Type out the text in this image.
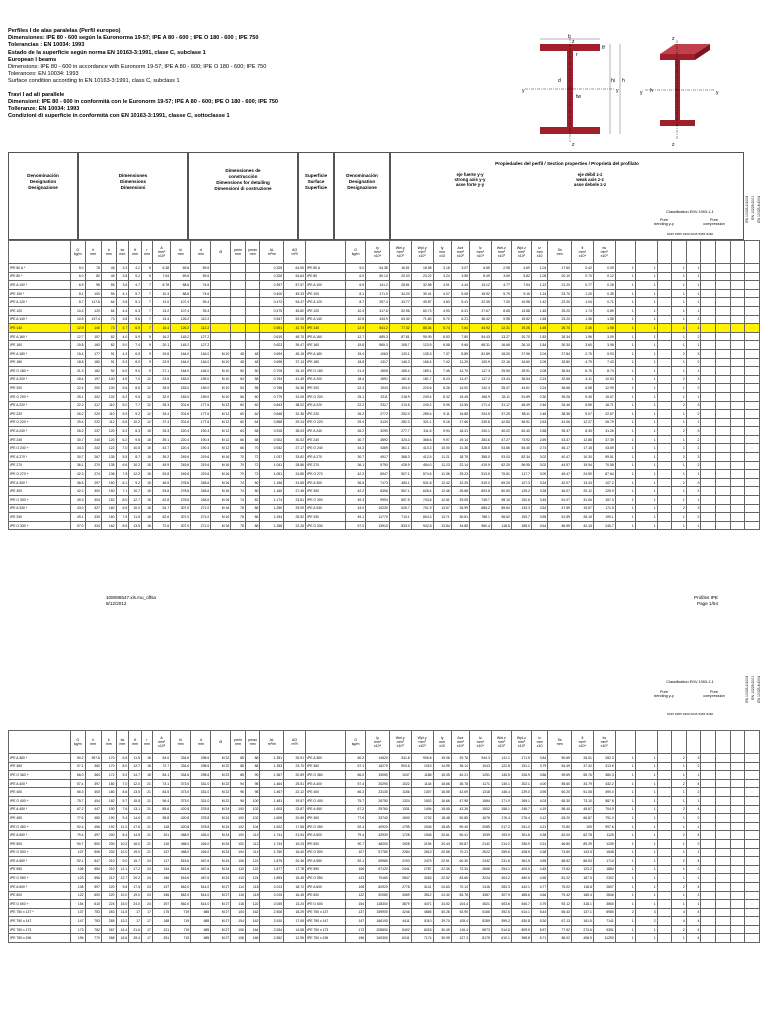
Perfiles I de alas paralelas (Perfil europeo)
Dimensiones: IPE 80 - 600 según la Euronorma 19-57; IPE A 80 - 600 ; IPE O 180 - 600 ; IPE 750
Tolerancias : EN 10034: 1993
Estado de la superficie según norma EN 10163-3:1991, clase C, subclase 1
European I beams
Dimensions: IPE 80 - 600 in accordance with Euronorm 19-57; IPE A 80 - 600; IPE O 180 - 600; IPE 750
Tolerances: EN 10034: 1993
Surface condition according to EN 10163-3:1991, class C, subclass 1
Travi I ad ali parallele
Dimensioni: IPE 80 - 600 in conformità con le Euronorm 19-57; IPE A 80 - 600; IPE O 180 - 600; IPE 750
Tolleranze: EN 10034: 1993
Condizioni di superficie in conformità con EN 10163-3:1991, classe C, sottoclasse 1
y	y
z
z
b
tf
r
d	hi h
tw
h
y	y
z
z
Denominación
Designation
Designazione
Dimensiones
Dimensions
Dimensioni
Dimensiones de
construcción
Dimensions for detailing
Dimensioni di costruzione
Superficie
Surface
Superficie
Denominación
Designation
Designazione
Propiedades del perfil / Section properties / Proprietà del profilato
eje fuerte y-y
strong axis y-y
asse forte y-y
eje débil z-z
weak axis z-z
asse debole z-z
Classification ENV 1993-1-1
Pure
bending y-y
Pure
compression
S235 S355 S460 S235 S355 S460
EN 10025-2:2004 EN 10225:2001 EN 10025-4:2004
	G
kg/m	h
mm	b
mm	tw
mm	tf
mm	r
mm	A
mm²
x10²	hi
mm	d
mm	Ø	pmin
mm	pmax
mm	AL
m²/m	AG
m²/t		G
kg/m	Iy
mm⁴
x10⁴	Wel.y
mm³
x10³	Wpl.y
mm³
x10³	iy
mm
x10	Avz
mm²
x10²	Iz
mm⁴
x10⁴	Wel.z
mm³
x10³	Wpl.z
mm³
x10³	iz
mm
x10	Ss
mm	It
mm⁴
x10⁴	Iw
mm⁶
x10⁹									
IPE 80 A *	5.0	78	46	3.3	4.2	5	6.38	69.6	59.6				0.325	64.90	IPE 80 A	5.0	64.38	16.51	18.98	3.18	3.07	6.85	2.98	4.69	1.04	17.60	0.42	0.09	1	1		1	1				
IPE 80 *	6.0	80	46	3.8	5.2	5	7.64	69.6	59.6				0.328	54.64	IPE 80	6.0	80.14	20.03	23.22	3.24	3.58	8.49	3.69	5.82	1.05	20.10	0.70	0.12	1	1		1	1				
IPE A 100 *	6.9	98	55	3.6	4.7	7	8.78	88.6	74.6				0.397	57.57	IPE A 100	6.9	141.2	28.81	32.98	4.01	4.44	13.12	4.77	7.54	1.22	21.20	0.77	0.28	1	1		1	1				
IPE 100 *	8.1	100	55	4.1	5.7	7	10.3	88.6	74.6				0.400	49.33	IPE 100	8.1	171.0	34.20	39.41	4.07	5.08	15.92	5.79	9.15	1.24	23.70	1.20	0.35	1	1		1	1				
IPE A 120 *	8.7	117.6	64	3.8	5.1	7	11.0	107.4	93.4				0.472	54.47	IPE A 120	8.7	257.4	43.77	49.87	4.83	5.41	22.39	7.00	10.98	1.42	22.20	1.04	0.71	1	1		1	1				
IPE 120	10.4	120	64	4.4	6.3	7	13.2	107.4	93.4				0.475	45.82	IPE 120	10.4	317.8	52.96	60.73	4.90	6.31	27.67	8.65	13.58	1.45	25.20	1.74	0.89	1	1		1	1				
IPE A 140 *	10.5	137.4	73	3.8	5.6	7	13.4	126.2	112.2				0.547	52.05	IPE A 140	10.5	434.9	63.30	71.60	5.70	6.21	36.42	9.98	15.52	1.65	23.20	1.36	1.58	1	1		1	2				
IPE 140	12.9	140	73	4.7	6.9	7	16.4	126.2	112.2				0.551	42.70	IPE 140	12.9	541.2	77.32	88.34	5.74	7.64	44.92	12.31	19.25	1.65	26.70	2.45	1.98	1	1		1	1				
IPE A 160 *	12.7	157	82	4.0	5.9	9	16.2	145.2	127.2				0.619	48.70	IPE A 160	12.7	689.3	87.81	99.09	6.53	7.80	54.43	13.27	20.70	1.83	26.34	1.96	3.09	1	1		1	2				
IPE 160	15.8	160	82	5.0	7.4	9	20.1	145.2	127.2				0.623	39.47	IPE 160	15.8	869.3	108.7	123.9	6.58	9.66	68.31	16.66	26.10	1.84	30.30	3.60	3.96	1	1		1	1				
IPE A 180 *	15.4	177	91	4.3	6.5	9	19.6	164.0	146.0	M 10	48	48	0.694	45.15	IPE A 180	15.4	1063	120.1	135.3	7.37	8.89	81.89	18.00	27.96	2.04	27.84	2.70	5.93	1	1		2	3				
IPE 180	18.8	180	91	5.3	8.0	9	23.9	164.0	146.0	M 10	48	48	0.698	37.13	IPE 180	18.8	1317	146.3	166.4	7.42	11.25	100.9	22.16	34.60	2.05	33.80	4.79	7.43	1	1		1	2				
IPE O 180 +	21.3	182	92	6.0	9.0	9	27.1	164.0	146.0	M 10	50	50	0.705	33.10	IPE O 180	21.3	1505	165.4	189.1	7.45	12.70	117.3	25.50	39.91	2.08	36.54	6.76	8.74	1	1		1	1				
IPE A 200 *	18.4	197	100	4.5	7.0	12	23.5	183.0	159.0	M 10	54	58	0.764	41.49	IPE A 200	18.4	1591	161.6	181.7	8.23	11.47	117.2	23.43	36.54	2.23	32.56	4.11	10.53	1	1		2	3				
IPE 200	22.4	200	100	5.6	8.5	12	28.5	183.0	159.0	M 10	54	58	0.768	34.36	IPE 200	22.4	1943	194.3	220.6	8.26	14.00	142.4	28.47	44.61	2.24	36.66	6.98	12.99	1	1		1	2				
IPE O 200 +	25.1	202	102	6.2	9.5	12	32.0	183.0	159.0	M 10	56	60	0.779	31.05	IPE O 200	25.1	2211	218.9	249.4	8.32	15.45	168.9	33.11	51.89	2.30	39.26	9.45	15.57	1	1		1	1				
IPE A 220 *	22.2	217	110	5.0	7.7	12	28.3	201.6	177.6	M 12	60	62	0.843	38.02	IPE A 220	22.2	2317	213.5	240.2	9.05	13.55	171.4	31.17	48.49	2.46	34.46	5.69	18.71	1	1		2	3				
IPE 220	26.2	220	110	5.9	9.2	12	33.4	201.6	177.6	M 12	60	62	0.848	32.36	IPE 220	26.2	2772	252.0	285.4	9.11	15.88	204.9	37.25	58.11	2.48	38.36	9.07	22.67	1	1		1	2				
IPE O 220 +	29.4	222	112	6.6	10.2	12	37.4	201.6	177.6	M 12	60	64	0.858	29.24	IPE O 220	29.4	3134	282.3	321.1	9.16	17.66	239.8	42.83	66.91	2.53	41.06	12.27	26.79	1	1		1	1				
IPE A 240 *	26.2	237	120	5.2	8.3	15	33.3	220.4	190.4	M 12	64	68	0.918	35.03	IPE A 240	26.2	3290	277.7	311.6	9.94	16.31	240.1	40.02	62.40	2.68	39.37	8.35	31.26	1	1		2	3				
IPE 240	30.7	240	120	6.2	9.8	15	39.1	220.4	190.4	M 12	66	68	0.922	30.02	IPE 240	30.7	3892	324.3	366.6	9.97	19.14	283.6	47.27	73.92	2.69	43.37	12.88	37.39	1	1		1	2				
IPE O 240 +	34.3	242	122	7.0	10.8	15	43.7	220.4	190.4	M 12	66	70	0.932	27.17	IPE O 240	34.3	4369	361.1	410.3	10.00	21.36	328.5	53.86	84.40	2.74	46.17	17.18	43.69	1	1		1	1				
IPE A 270 *	30.7	267	135	5.5	8.7	15	39.2	249.6	219.6	M 16	70	72	1.037	33.82	IPE A 270	30.7	4917	368.3	412.5	11.21	18.75	358.0	53.03	82.34	3.02	40.47	10.30	59.51	1	1		2	3				
IPE 270	36.1	270	135	6.6	10.2	15	45.9	249.6	219.6	M 16	70	72	1.041	28.86	IPE 270	36.1	5790	428.9	484.0	11.23	22.14	419.9	62.20	96.95	3.02	44.57	15.94	70.58	1	1		1	2				
IPE O 270 +	42.3	274	136	7.5	12.2	15	53.8	249.6	219.6	M 16	70	72	1.051	24.85	IPE O 270	42.3	6947	507.1	574.6	11.36	25.23	513.5	75.51	117.7	3.09	49.47	24.90	87.64	1	1		1	1				
IPE A 300 *	36.5	297	150	6.1	9.2	15	46.5	278.6	248.6	M 16	74	80	1.156	31.65	IPE A 300	36.5	7173	483.1	541.8	12.42	22.25	519.0	69.20	107.3	3.34	42.07	13.43	107.2	1	1		2	3				
IPE 300	42.2	300	150	7.1	10.7	15	53.8	278.6	248.6	M 16	74	80	1.160	27.46	IPE 300	42.2	8356	557.1	628.4	12.46	25.68	603.8	80.50	125.2	3.35	46.07	20.12	125.9	1	1		1	2				
IPE O 300 +	49.3	304	152	8.0	12.7	15	62.8	278.6	248.6	M 16	74	82	1.174	23.81	IPE O 300	49.3	9994	657.5	743.8	12.61	29.05	745.7	98.10	152.6	3.45	51.07	31.06	157.0	1	1		1	1				
IPE A 330 *	43.0	327	160	6.5	10.0	18	54.7	307.0	271.0	M 16	78	86	1.250	29.09	IPE A 330	43.0	10230	625.7	701.9	13.67	26.99	685.2	85.64	133.3	3.54	47.59	19.57	171.5	1	1		2	3				
IPE 330	49.1	330	160	7.5	11.5	18	62.6	307.0	271.0	M 16	78	86	1.254	25.52	IPE 330	49.1	11770	713.1	804.3	13.71	30.81	788.1	98.52	153.7	3.55	51.59	28.15	199.1	1	1		1	2				
IPE O 330 +	57.0	334	162	8.5	13.5	18	72.6	307.0	271.0	M 16	78	88	1.268	22.26	IPE O 330	57.0	13910	833.0	942.8	13.84	34.88	960.4	118.6	185.0	3.64	56.59	42.15	245.7	1	1		1	1				
108086547.xls.mu_offsa
8/12/2012
Profiles IPE
Page 1/54
Classification ENV 1993-1-1
Pure
bending y-y
Pure
compression
S235 S355 S460 S235 S355 S460
EN 10025-2:2004 EN 10225:2001 EN 10025-4:2004
	G
kg/m	h
mm	b
mm	tw
mm	tf
mm	r
mm	A
mm²
x10²	hi
mm	d
mm	Ø	pmin
mm	pmax
mm	AL
m²/m	AG
m²/t		G
kg/m	Iy
mm⁴
x10⁴	Wel.y
mm³
x10³	Wpl.y
mm³
x10³	iy
mm
x10	Avz
mm²
x10²	Iz
mm⁴
x10⁴	Wel.z
mm³
x10³	Wpl.z
mm³
x10³	iz
mm
x10	Ss
mm	It
mm⁴
x10⁴	Iw
mm⁶
x10⁹									
IPE A 360 *	50.2	357.6	170	6.6	11.5	18	64.0	334.6	298.6	M 22	88	88	1.351	26.91	IPE A 360	50.2	14520	811.8	906.8	15.06	29.76	944.3	111.1	171.9	3.84	50.69	26.51	282.0	1	1		2	3				
IPE 360	57.1	360	170	8.0	12.7	18	72.7	334.6	298.6	M 22	88	88	1.353	23.70	IPE 360	57.1	16270	903.6	1019	14.95	35.14	1043	122.8	191.1	3.79	54.49	37.32	313.6	1	1		1	2				
IPE O 360 +	66.0	364	172	9.2	14.7	18	84.1	334.6	298.6	M 22	88	90	1.367	20.69	IPE O 360	66.0	19050	1047	1186	15.05	40.21	1251	145.5	226.9	3.86	59.69	55.76	380.3	1	1		1	1				
IPE A 400 *	57.4	397	180	7.0	12.0	21	73.1	373.0	331.0	M 22	94	98	1.464	25.51	IPE A 400	57.4	20290	1022	1144	16.66	35.78	1171	130.1	202.1	4.00	55.60	34.79	432.2	1	1		2	4				
IPE 400	66.3	400	180	8.6	13.5	21	84.5	373.0	331.0	M 22	96	98	1.467	22.12	IPE 400	66.3	23130	1156	1307	16.55	42.69	1318	146.4	229.0	3.95	60.20	51.08	490.0	1	1		1	2				
IPE O 400 +	75.7	404	182	9.7	15.5	21	96.4	373.0	331.0	M 22	96	100	1.481	19.57	IPE O 400	75.7	26750	1324	1502	16.66	47.98	1564	171.9	269.1	4.03	65.30	73.10	587.6	1	1		1	1				
IPE A 450 *	67.2	447	190	7.6	13.1	21	85.6	420.8	378.8	M 24	100	102	1.603	23.87	IPE A 450	67.2	29760	1331	1494	18.65	42.26	1502	158.1	245.7	4.19	58.40	45.67	704.9	1	1		2	4				
IPE 450	77.6	450	190	9.4	14.6	21	98.8	420.8	378.8	M 24	100	102	1.605	20.69	IPE 450	77.6	33740	1500	1702	18.48	50.85	1676	176.4	276.4	4.12	63.20	66.87	791.0	1	1		1	2				
IPE O 450 +	92.4	456	192	11.0	17.6	21	118	420.8	378.8	M 24	102	104	1.622	17.56	IPE O 450	92.4	40920	1795	2046	18.65	59.40	2085	217.2	341.0	4.21	70.80	109	997.6	1	1		1	1				
IPE A 500 *	79.4	497	200	8.4	14.5	21	101	468.0	426.0	M 24	100	112	1.741	21.94	IPE A 500	79.4	42930	1728	1946	20.61	50.41	1939	193.9	301.6	4.38	62.00	62.78	1125	1	1		2	4				
IPE 500	90.7	500	200	10.2	16.0	21	116	468.0	426.0	M 24	102	112	1.744	19.23	IPE 500	90.7	48200	1928	2194	20.43	59.87	2142	214.2	335.9	4.31	66.80	89.29	1249	1	1		1	2				
IPE O 500 +	107	506	202	12.0	19.0	21	137	468.0	426.0	M 24	104	114	1.760	16.40	IPE O 500	107	57780	2284	2613	20.56	70.21	2622	259.6	408.5	4.38	74.60	143.5	1548	1	1		1	1				
IPE A 550 *	92.1	547	210	9.0	15.7	24	117	515.6	467.6	M 24	106	122	1.875	20.36	IPE A 550	92.1	59980	2193	2475	22.61	60.30	2432	231.6	361.5	4.55	68.52	86.53	1710	1	1		2	4				
IPE 550	106	550	210	11.1	17.2	24	134	515.6	467.6	M 24	110	122	1.877	17.78	IPE 550	106	67120	2441	2787	22.35	72.34	2668	254.1	400.5	4.45	73.62	123.2	1884	1	1		1	2				
IPE O 550 +	123	556	212	12.7	20.2	24	156	515.6	467.6	M 24	110	124	1.893	15.45	IPE O 550	123	79160	2847	3263	22.52	83.66	3224	304.2	480.5	4.55	81.22	187.5	2302	1	1		1	1				
IPE A 600 *	108	597	220	9.8	17.5	24	137	562.0	514.0	M 27	114	118	2.013	18.72	IPE A 600	108	82920	2778	3141	24.60	70.14	3116	283.3	442.1	4.77	75.02	118.8	2607	1	1		2	4				
IPE 600	122	600	220	12.0	19.0	24	156	562.0	514.0	M 27	116	118	2.015	16.45	IPE 600	122	92080	3069	3512	24.30	83.78	3387	307.9	485.6	4.66	79.42	165.4	2846	1	1		1	2				
IPE O 600 +	154	610	224	15.0	24.0	24	197	562.0	514.0	M 27	118	122	2.045	13.24	IPE O 600	154	118300	3879	4471	24.52	104.4	4521	403.6	640.7	4.79	92.12	318.1	3860	1	1		1	1				
IPE 750 x 137 *	137	753	263	11.5	17	17	175	719	685	M 27	104	162	2.506	18.29	IPE 750 x 137	137	159900	4246	4865	30.26	92.90	5166	392.8	614.1	5.44	65.43	137.1	6980	2	3		4	4				
IPE 750 x 147	147	753	265	13.2	17	17	188	719	685	M 27	104	162	2.510	17.06	IPE 750 x 147	147	166100	4411	5110	29.70	105.4	5289	399.2	630.8	5.30	67.13	161.5	7141	1	2		4	4				
IPE 750 x 173	173	762	267	14.4	21.6	17	221	719	685	M 27	106	164	2.534	14.58	IPE 750 x 173	173	205800	5402	6218	30.49	116.4	6873	514.8	809.9	5.57	77.52	273.6	9391	1	1		2	4				
IPE 750 x 196	196	770	268	15.6	25.4	17	251	719	685	M 27	108	166	2.552	12.96	IPE 750 x 196	196	240300	6241	7174	30.95	127.3	8175	610.1	958.8	5.71	86.02	408.9	11290	1	1		1	4				
